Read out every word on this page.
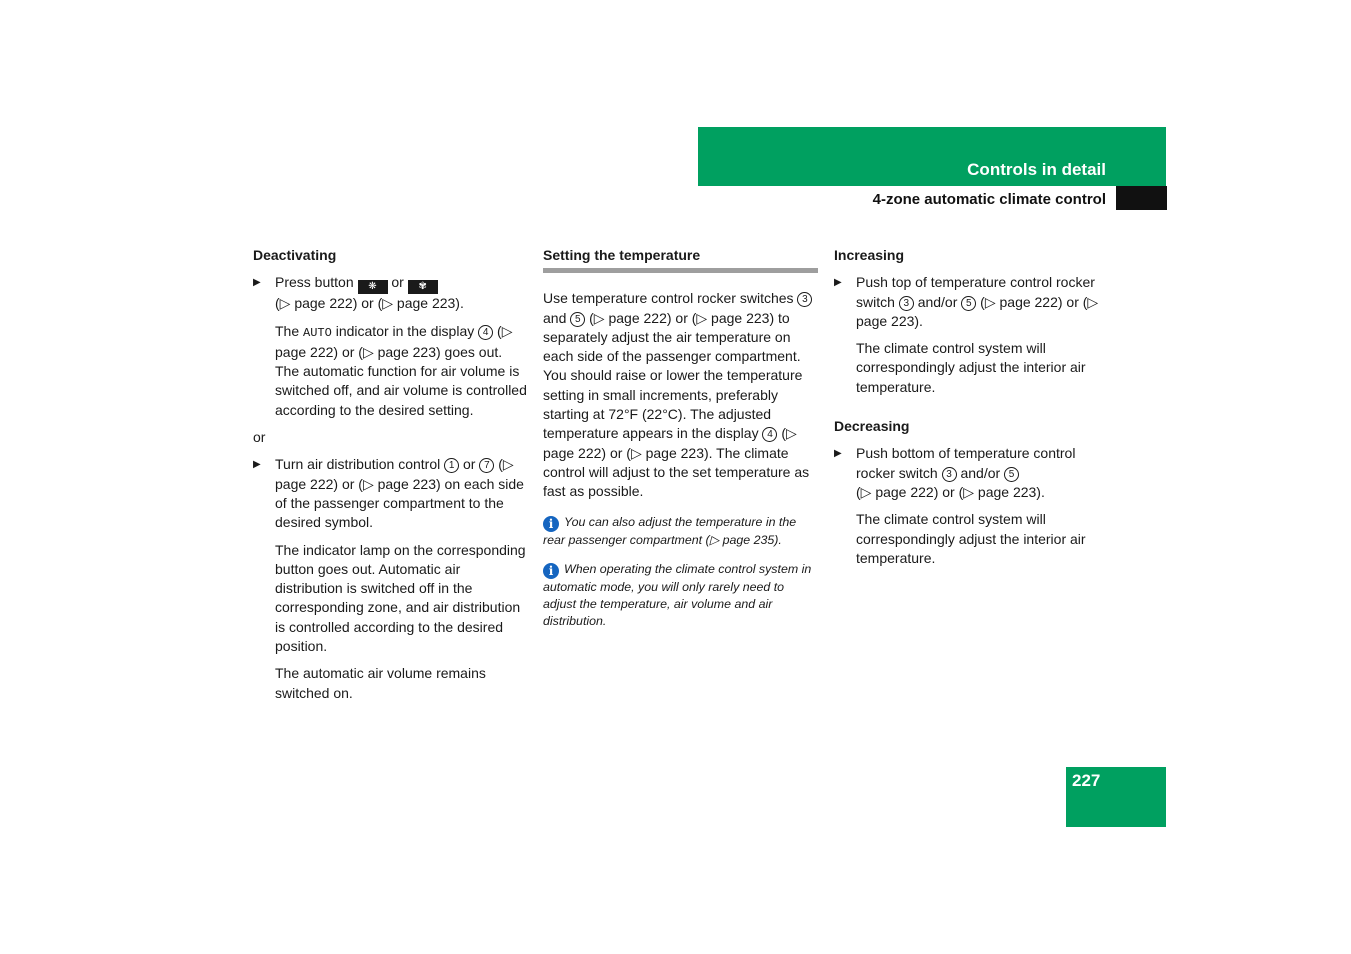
Controls in detail
4-zone automatic climate control
Deactivating
▶ Press button ❋ or ✾
(▷ page 222) or (▷ page 223).
The AUTO indicator in the display 4 (▷ page 222) or (▷ page 223) goes out. The automatic function for air volume is switched off, and air volume is controlled according to the desired setting.
or
▶ Turn air distribution control 1 or 7 (▷ page 222) or (▷ page 223) on each side of the passenger compartment to the desired symbol.
The indicator lamp on the corresponding button goes out. Automatic air distribution is switched off in the corresponding zone, and air distribution is controlled according to the desired position.
The automatic air volume remains switched on.
Setting the temperature
Use temperature control rocker switches 3 and 5 (▷ page 222) or (▷ page 223) to separately adjust the air temperature on each side of the passenger compartment. You should raise or lower the temperature setting in small increments, preferably starting at 72°F (22°C). The adjusted temperature appears in the display 4 (▷ page 222) or (▷ page 223). The climate control will adjust to the set temperature as fast as possible.
i You can also adjust the temperature in the rear passenger compartment (▷ page 235).
i When operating the climate control system in automatic mode, you will only rarely need to adjust the temperature, air volume and air distribution.
Increasing
▶ Push top of temperature control rocker switch 3 and/or 5 (▷ page 222) or (▷ page 223).
The climate control system will correspondingly adjust the interior air temperature.
Decreasing
▶ Push bottom of temperature control rocker switch 3 and/or 5
(▷ page 222) or (▷ page 223).
The climate control system will correspondingly adjust the interior air temperature.
227
